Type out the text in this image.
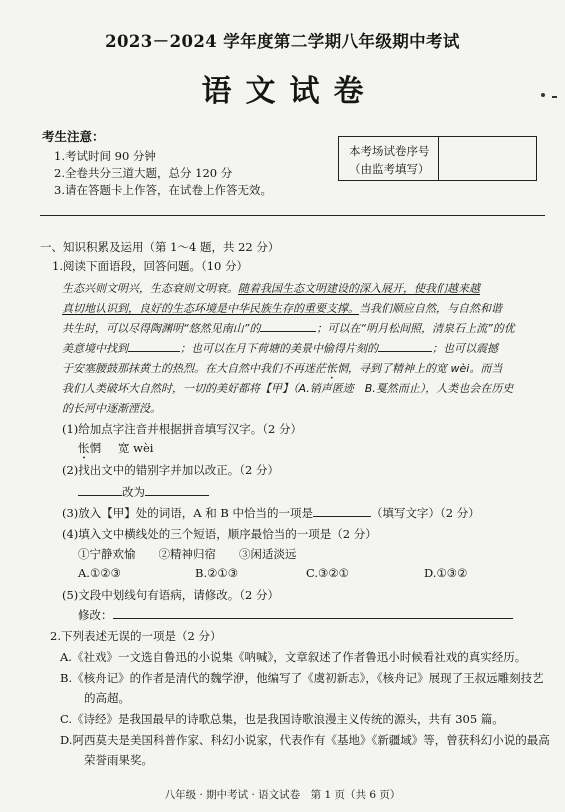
2023－2024 学年度第二学期八年级期中考试
语文试卷
考生注意：
1.考试时间 90 分钟
2.全卷共分三道大题，总分 120 分
3.请在答题卡上作答，在试卷上作答无效。
本考场试卷序号
（由监考填写）
一、知识积累及运用（第 1～4 题，共 22 分）
1.阅读下面语段，回答问题。（10 分）
生态兴则文明兴，生态衰则文明衰。随着我国生态文明建设的深入展开，使我们越来越
真切地认识到，良好的生态环境是中华民族生存的重要支撑。当我们顺应自然，与自然和谐
共生时，可以尽得陶渊明“悠然见南山”的	；可以在“明月松间照，清泉石上流”的优
美意境中找到	；也可以在月下荷塘的美景中偷得片刻的	；也可以震撼
于安塞腰鼓那抹黄土的热烈。在大自然中我们不再迷茫怅惘，寻到了精神上的宽 wèi。而当
我们人类破坏大自然时，一切的美好都将【甲】（A.销声匿迹　B.戛然而止），人类也会在历史
的长河中逐渐湮没。
(1)给加点字注音并根据拼音填写汉字。（2 分）
怅惘 宽 wèi
(2)找出文中的错别字并加以改正。（2 分）
改为
(3)放入【甲】处的词语，A 和 B 中恰当的一项是	（填写文字）（2 分）
(4)填入文中横线处的三个短语，顺序最恰当的一项是（2 分）
①宁静欢愉　　②精神归宿　　③闲适淡远
A.①②③	B.②①③	C.③②①	D.①③②
(5)文段中划线句有语病，请修改。（2 分）
修改：
2.下列表述无误的一项是（2 分）
A.《社戏》一文选自鲁迅的小说集《呐喊》，文章叙述了作者鲁迅小时候看社戏的真实经历。
B.《核舟记》的作者是清代的魏学洢，他编写了《虞初新志》，《核舟记》展现了王叔远雕刻技艺
的高超。
C.《诗经》是我国最早的诗歌总集，也是我国诗歌浪漫主义传统的源头，共有 305 篇。
D.阿西莫夫是美国科普作家、科幻小说家，代表作有《基地》《新疆域》等，曾获科幻小说的最高
荣誉雨果奖。
八年级 · 期中考试 · 语文试卷　第 1 页（共 6 页）
